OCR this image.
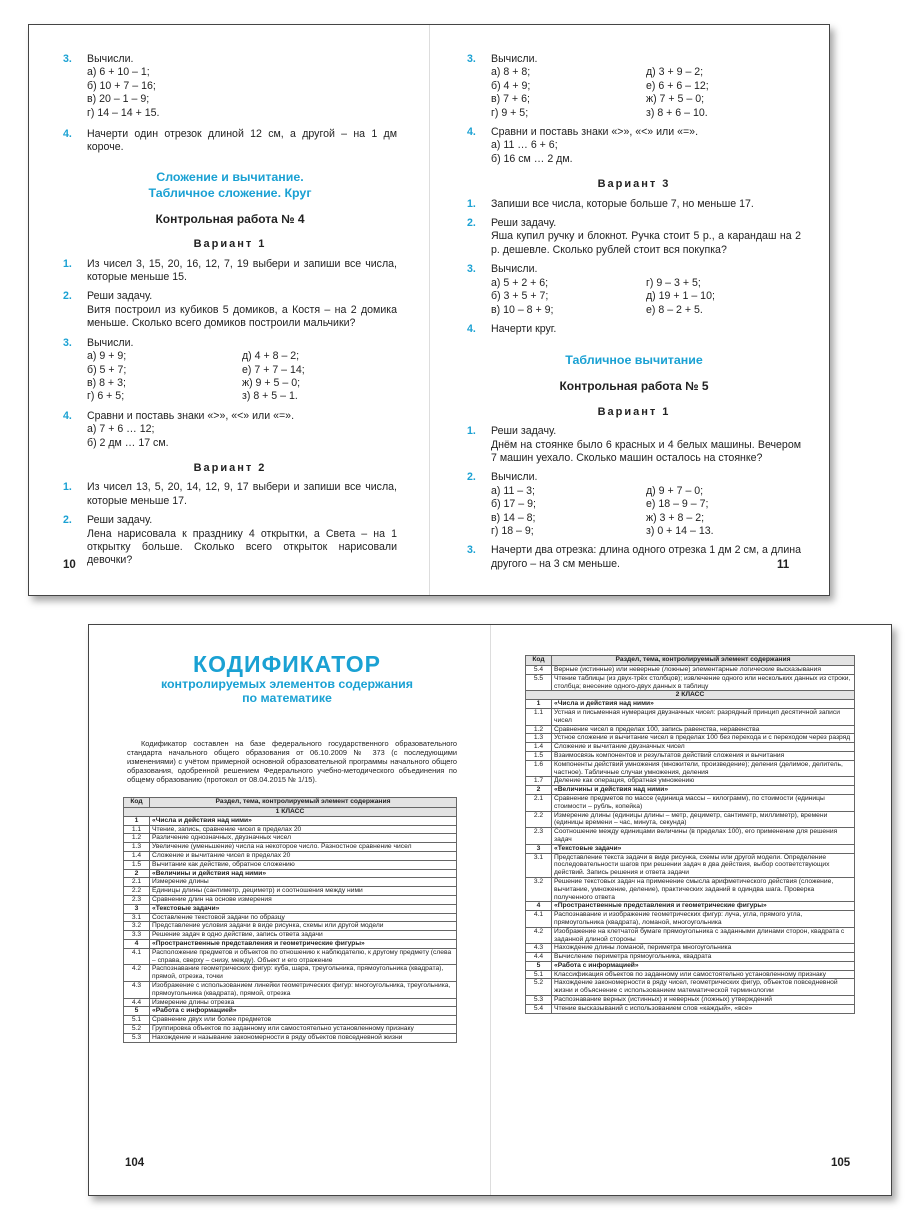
3.	Вычисли.

а) 6 + 10 – 1;

б) 10 + 7 – 16;

в) 20 – 1 – 9;

г) 14 – 14 + 15.

4.	Начерти один отрезок длиной 12 см, а другой – на 1 дм короче.
Сложение и вычитание.
Табличное сложение. Круг
Контрольная работа № 4
Вариант 1
1.	Из чисел 3, 15, 20, 16, 12, 7, 19 выбери и запиши все числа, которые меньше 15.
2.	Реши задачу.

Витя построил из кубиков 5 домиков, а Костя – на 2 домика меньше. Сколько всего домиков построили мальчики?

3.	Вычисли.

а) 9 + 9;	д) 4 + 8 – 2;

б) 5 + 7;	е) 7 + 7 – 14;

в) 8 + 3;	ж) 9 + 5 – 0;

г) 6 + 5;	з) 8 + 5 – 1.

4.	Сравни и поставь знаки «>», «<» или «=».

а) 7 + 6 … 12;

б) 2 дм … 17 см.

Вариант 2
1.	Из чисел 13, 5, 20, 14, 12, 9, 17 выбери и запиши все числа, которые меньше 17.
2.	Реши задачу.

Лена нарисовала к празднику 4 открытки, а Света – на 1 открытку больше. Сколько всего открыток нарисовали девочки?

10
3.	Вычисли.

а) 8 + 8;	д) 3 + 9 – 2;

б) 4 + 9;	е) 6 + 6 – 12;

в) 7 + 6;	ж) 7 + 5 – 0;

г) 9 + 5;	з) 8 + 6 – 10.

4.	Сравни и поставь знаки «>», «<» или «=».

а) 11 … 6 + 6;

б) 16 см … 2 дм.

Вариант 3
1.	Запиши все числа, которые больше 7, но меньше 17.
2.	Реши задачу.

Яша купил ручку и блокнот. Ручка стоит 5 р., а карандаш на 2 р. дешевле. Сколько рублей стоит вся покупка?

3.	Вычисли.

а) 5 + 2 + 6;	г) 9 – 3 + 5;

б) 3 + 5 + 7;	д) 19 + 1 – 10;

в) 10 – 8 + 9;	е) 8 – 2 + 5.

4.	Начерти круг.
Табличное вычитание
Контрольная работа № 5
Вариант 1
1.	Реши задачу.

Днём на стоянке было 6 красных и 4 белых машины. Вечером 7 машин уехало. Сколько машин осталось на стоянке?

2.	Вычисли.

а) 11 – 3;	д) 9 + 7 – 0;

б) 17 – 9;	е) 18 – 9 – 7;

в) 14 – 8;	ж) 3 + 8 – 2;

г) 18 – 9;	з) 0 + 14 – 13.

3.	Начерти два отрезка: длина одного отрезка 1 дм 2 см, а длина другого – на 3 см меньше.	11
КОДИФИКАТОР
контролируемых элементов содержания
по математике
Кодификатор составлен на базе федерального государственного образовательного стандарта начального общего образования от 06.10.2009 № 373 (с последующими изменениями) с учётом примерной основной образовательной программы начального общего образования, одобренной решением Федерального учебно-методического объединения по общему образованию (протокол от 08.04.2015 № 1/15).
Код	Раздел, тема, контролируемый элемент содержания
1 КЛАСС	
1	«Числа и действия над ними»
1.1	Чтение, запись, сравнение чисел в пределах 20
1.2	Различение однозначных, двузначных чисел
1.3	Увеличение (уменьшение) числа на некоторое число. Разностное сравнение чисел
1.4	Сложение и вычитание чисел в пределах 20
1.5	Вычитание как действие, обратное сложению
2	«Величины и действия над ними»
2.1	Измерение длины
2.2	Единицы длины (сантиметр, дециметр) и соотношения между ними
2.3	Сравнение длин на основе измерения
3	«Текстовые задачи»
3.1	Составление текстовой задачи по образцу
3.2	Представление условия задачи в виде рисунка, схемы или другой модели
3.3	Решение задач в одно действие, запись ответа задачи
4	«Пространственные представления и геометрические фигуры»
4.1	Расположение предметов и объектов по отношению к наблюдателю, к другому предмету (слева – справа, сверху – снизу, между). Объект и его отражение
4.2	Распознавание геометрических фигур: куба, шара, треугольника, прямоугольника (квадрата), прямой, отрезка, точки
4.3	Изображение с использованием линейки геометрических фигур: многоугольника, треугольника, прямоугольника (квадрата), прямой, отрезка
4.4	Измерение длины отрезка
5	«Работа с информацией»
5.1	Сравнение двух или более предметов
5.2	Группировка объектов по заданному или самостоятельно установленному признаку
5.3	Нахождение и называние закономерности в ряду объектов повседневной жизни
104
Код	Раздел, тема, контролируемый элемент содержания
5.4	Верные (истинные) или неверные (ложные) элементарные логические высказывания
5.5	Чтение таблицы (из двух-трёх столбцов); извлечение одного или нескольких данных из строки, столбца; внесение одного-двух данных в таблицу
2 КЛАСС	
1	«Числа и действия над ними»
1.1	Устная и письменная нумерация двузначных чисел: разрядный принцип десятичной записи чисел
1.2	Сравнение чисел в пределах 100, запись равенства, неравенства
1.3	Устное сложение и вычитание чисел в пределах 100 без перехода и с переходом через разряд
1.4	Сложение и вычитание двузначных чисел
1.5	Взаимосвязь компонентов и результатов действий сложения и вычитания
1.6	Компоненты действий умножения (множители, произведение); деления (делимое, делитель, частное). Табличные случаи умножения, деления
1.7	Деление как операция, обратная умножению
2	«Величины и действия над ними»
2.1	Сравнение предметов по массе (единица массы – килограмм), по стоимости (единицы стоимости – рубль, копейка)
2.2	Измерение длины (единицы длины – метр, дециметр, сантиметр, миллиметр), времени (единицы времени – час, минута, секунда)
2.3	Соотношение между единицами величины (в пределах 100), его применение для решения задач
3	«Текстовые задачи»
3.1	Представление текста задачи в виде рисунка, схемы или другой модели. Определение последовательности шагов при решении задач в два действия, выбор соответствующих действий. Запись решения и ответа задачи
3.2	Решение текстовых задач на применение смысла арифметического действия (сложение, вычитание, умножение, деление), практических заданий в одиндва шага. Проверка полученного ответа
4	«Пространственные представления и геометрические фигуры»
4.1	Распознавание и изображение геометрических фигур: луча, угла, прямого угла, прямоугольника (квадрата), ломаной, многоугольника
4.2	Изображение на клетчатой бумаге прямоугольника с заданными длинами сторон, квадрата с заданной длиной стороны
4.3	Нахождение длины ломаной, периметра многоугольника
4.4	Вычисление периметра прямоугольника, квадрата
5	«Работа с информацией»
5.1	Классификация объектов по заданному или самостоятельно установленному признаку
5.2	Нахождение закономерности в ряду чисел, геометрических фигур, объектов повседневной жизни и объяснение с использованием математической терминологии
5.3	Распознавание верных (истинных) и неверных (ложных) утверждений
5.4	Чтение высказываний с использованием слов «каждый», «все»
105
